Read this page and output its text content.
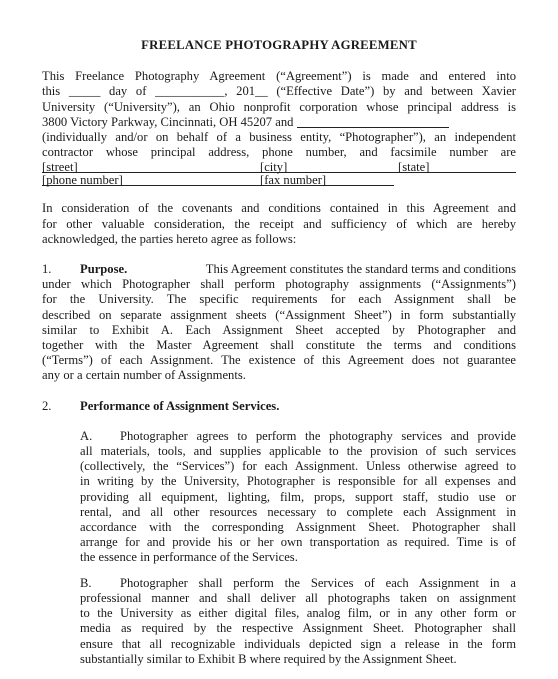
FREELANCE PHOTOGRAPHY AGREEMENT
This Freelance Photography Agreement (“Agreement”) is made and entered into
this _____ day of ___________, 201__ (“Effective Date”) by and between Xavier
University (“University”), an Ohio nonprofit corporation whose principal address is
3800 Victory Parkway, Cincinnati, OH 45207 and
(individually and/or on behalf of a business entity, “Photographer”), an independent
contractor whose principal address, phone number, and facsimile number are
[street]	[city]	[state]
[phone number]	[fax number]
In consideration of the covenants and conditions contained in this Agreement and
for other valuable consideration, the receipt and sufficiency of which are hereby
acknowledged, the parties hereto agree as follows:
1.	Purpose.	This Agreement constitutes the standard terms and conditions
under which Photographer shall perform photography assignments (“Assignments”)
for the University. The specific requirements for each Assignment shall be
described on separate assignment sheets (“Assignment Sheet”) in form substantially
similar to Exhibit A. Each Assignment Sheet accepted by Photographer and
together with the Master Agreement shall constitute the terms and conditions
(“Terms”) of each Assignment. The existence of this Agreement does not guarantee
any or a certain number of Assignments.
2.	Performance of Assignment Services.
A.	Photographer agrees to perform the photography services and provide
all materials, tools, and supplies applicable to the provision of such services
(collectively, the “Services”) for each Assignment. Unless otherwise agreed to
in writing by the University, Photographer is responsible for all expenses and
providing all equipment, lighting, film, props, support staff, studio use or
rental, and all other resources necessary to complete each Assignment in
accordance with the corresponding Assignment Sheet. Photographer shall
arrange for and provide his or her own transportation as required. Time is of
the essence in performance of the Services.
B.	Photographer shall perform the Services of each Assignment in a
professional manner and shall deliver all photographs taken on assignment
to the University as either digital files, analog film, or in any other form or
media as required by the respective Assignment Sheet. Photographer shall
ensure that all recognizable individuals depicted sign a release in the form
substantially similar to Exhibit B where required by the Assignment Sheet.
